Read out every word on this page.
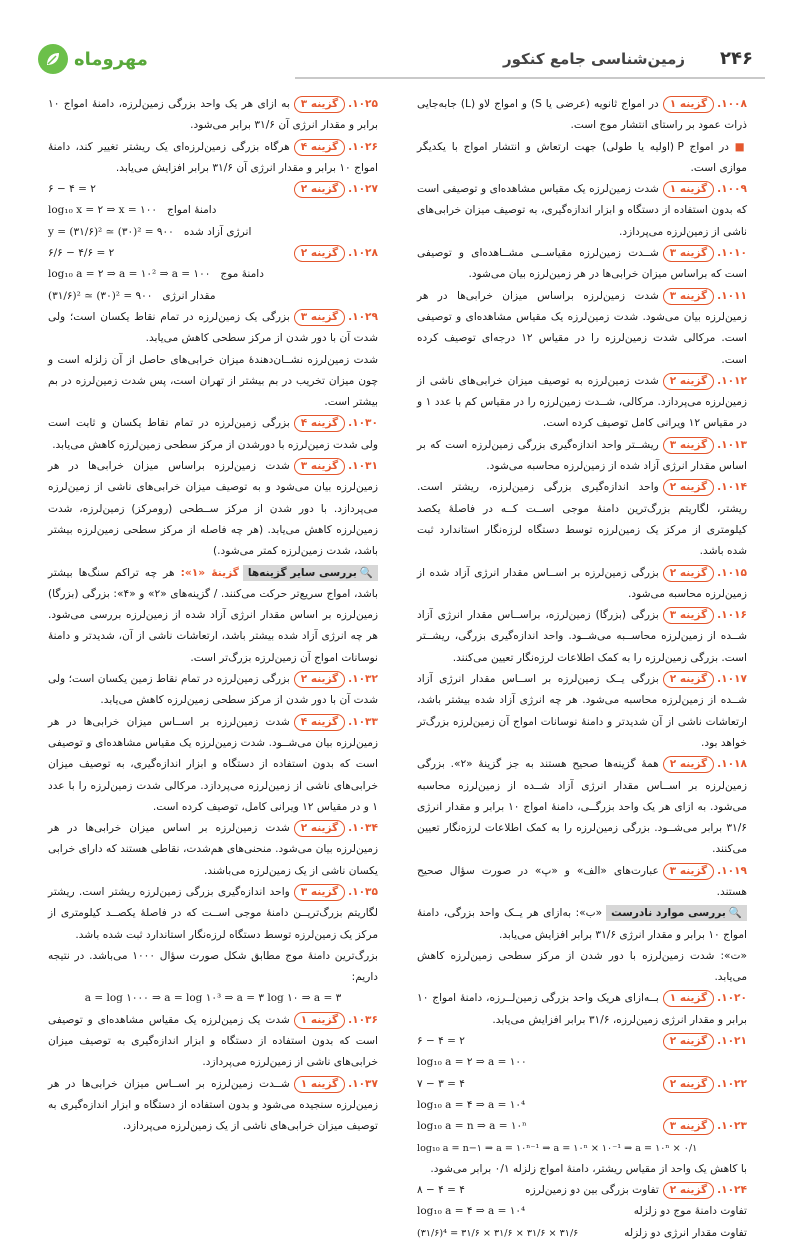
۲۴۶
زمین‌شناسی جامع کنکور
مهروماه

۱۰۰۸.گزینه ۱در امواج ثانویه (عرضی یا S) و امواج لاو (L) جابه‌جایی ذرات عمود بر راستای انتشار موج است.

■ در امواج P (اولیه یا طولی) جهت ارتعاش و انتشار امواج با یکدیگر موازی است.

۱۰۰۹.گزینه ۱شدت زمین‌لرزه یک مقیاس مشاهده‌ای و توصیفی است که بدون استفاده از دستگاه و ابزار اندازه‌گیری، به توصیف میزان خرابی‌های ناشی از زمین‌لرزه می‌پردازد.

۱۰۱۰.گزینه ۳شــدت زمین‌لرزه مقیاســی مشــاهده‌ای و توصیفی است که براساس میزان خرابی‌ها در هر زمین‌لرزه بیان می‌شود.

۱۰۱۱.گزینه ۳شدت زمین‌لرزه براساس میزان خرابی‌ها در هر زمین‌لرزه بیان می‌شود. شدت زمین‌لرزه یک مقیاس مشاهده‌ای و توصیفی است. مرکالی شدت زمین‌لرزه را در مقیاس ۱۲ درجه‌ای توصیف کرده است.

۱۰۱۲.گزینه ۲شدت زمین‌لرزه به توصیف میزان خرابی‌های ناشی از زمین‌لرزه می‌پردازد. مرکالی، شــدت زمین‌لرزه را در مقیاس کم با عدد ۱ و در مقیاس ۱۲ ویرانی کامل توصیف کرده است.

۱۰۱۳.گزینه ۳ریشــتر واحد اندازه‌گیری بزرگی زمین‌لرزه است که بر اساس مقدار انرژی آزاد شده از زمین‌لرزه محاسبه می‌شود.

۱۰۱۴.گزینه ۲واحد اندازه‌گیری بزرگی زمین‌لرزه، ریشتر است. ریشتر، لگاریتم بزرگ‌ترین دامنهٔ موجی اســت کــه در فاصلهٔ یکصد کیلومتری از مرکز یک زمین‌لرزه توسط دستگاه لرزه‌نگار استاندارد ثبت شده باشد.

۱۰۱۵.گزینه ۲بزرگی زمین‌لرزه بر اســاس مقدار انرژی آزاد شده از زمین‌لرزه محاسبه می‌شود.

۱۰۱۶.گزینه ۳بزرگی (بزرگا) زمین‌لرزه، براســاس مقدار انرژی آزاد شــده از زمین‌لرزه محاســبه می‌شــود. واحد اندازه‌گیری بزرگی، ریشــتر است. بزرگی زمین‌لرزه را به کمک اطلاعات لرزه‌نگار تعیین می‌کنند.

۱۰۱۷.گزینه ۲بزرگی یــک زمین‌لرزه بر اســاس مقدار انرژی آزاد شــده از زمین‌لرزه محاسبه می‌شود. هر چه انرژی آزاد شده بیشتر باشد، ارتعاشات ناشی از آن شدیدتر و دامنهٔ نوسانات امواج آن زمین‌لرزه بزرگ‌تر خواهد بود.

۱۰۱۸.گزینه ۲همهٔ گزینه‌ها صحیح هستند به جز گزینهٔ «۲». بزرگی زمین‌لرزه بر اســاس مقدار انرژی آزاد شــده از زمین‌لرزه محاسبه می‌شود. به ازای هر یک واحد بزرگــی، دامنهٔ امواج ۱۰ برابر و مقدار انرژی ۳۱/۶ برابر می‌شــود. بزرگی زمین‌لرزه را به کمک اطلاعات لرزه‌نگار تعیین می‌کنند.

۱۰۱۹.گزینه ۳عبارت‌های «الف» و «پ» در صورت سؤال صحیح هستند.

🔍بررسی موارد نادرست«ب»: به‌ازای هر یــک واحد بزرگی، دامنهٔ امواج ۱۰ برابر و مقدار انرژی ۳۱/۶ برابر افزایش می‌یابد.

«ت»: شدت زمین‌لرزه با دور شدن از مرکز سطحی زمین‌لرزه کاهش می‌یابد.

۱۰۲۰.گزینه ۱بــه‌ازای هریک واحد بزرگی زمین‌لــرزه، دامنهٔ امواج ۱۰ برابر و مقدار انرژی زمین‌لرزه، ۳۱/۶ برابر افزایش می‌یابد.

۱۰۲۱.گزینه ۲
۶ − ۴ = ۲

log₁₀ a = ۲ ⇒ a = ۱۰۰

۱۰۲۲.گزینه ۲
۷ − ۳ = ۴

log₁₀ a = ۴ ⇒ a = ۱۰⁴

۱۰۲۳.گزینه ۳
log₁₀ a = n ⇒ a = ۱۰ⁿ

log₁₀ a = n−۱ ⇒ a = ۱۰ⁿ⁻¹ ⇒ a = ۱۰ⁿ × ۱۰⁻¹ ⇒ a = ۱۰ⁿ × ۰/۱

با کاهش یک واحد از مقیاس ریشتر، دامنهٔ امواج زلزله ۰/۱ برابر می‌شود.

۱۰۲۴.گزینه ۲تفاوت بزرگی بین دو زمین‌لرزه
۸ − ۴ = ۴
تفاوت دامنهٔ موج دو زلزله
log₁₀ a = ۴ ⇒ a = ۱۰⁴
تفاوت مقدار انرژی دو زلزله
(۳۱/۶)⁴ = ۳۱/۶ × ۳۱/۶ × ۳۱/۶ × ۳۱/۶

۱۰۲۵.گزینه ۳به ازای هر یک واحد بزرگی زمین‌لرزه، دامنهٔ امواج ۱۰ برابر و مقدار انرژی آن ۳۱/۶ برابر می‌شود.

۱۰۲۶.گزینه ۴هرگاه بزرگی زمین‌لرزه‌ای یک ریشتر تغییر کند، دامنهٔ امواج ۱۰ برابر و مقدار انرژی آن ۳۱/۶ برابر افزایش می‌یابد.

۱۰۲۷.گزینه ۲
۶ − ۴ = ۲
دامنهٔ امواج
log₁₀ x = ۲ ⇒ x = ۱۰۰
انرژی آزاد شده
y = (۳۱/۶)² ≃ (۳۰)² = ۹۰۰
۱۰۲۸.گزینه ۲
۶/۶ − ۴/۶ = ۲
دامنهٔ موج
log₁₀ a = ۲ ⇒ a = ۱۰² ⇒ a = ۱۰۰
مقدار انرژی
(۳۱/۶)² ≃ (۳۰)² = ۹۰۰

۱۰۲۹.گزینه ۳بزرگی یک زمین‌لرزه در تمام نقاط یکسان است؛ ولی شدت آن با دور شدن از مرکز سطحی کاهش می‌یابد.

شدت زمین‌لرزه نشــان‌دهندهٔ میزان خرابی‌های حاصل از آن زلزله است و چون میزان تخریب در بم بیشتر از تهران است، پس شدت زمین‌لرزه در بم بیشتر است.

۱۰۳۰.گزینه ۴بزرگی زمین‌لرزه در تمام نقاط یکسان و ثابت است ولی شدت زمین‌لرزه با دورشدن از مرکز سطحی زمین‌لرزه کاهش می‌یابد.

۱۰۳۱.گزینه ۳شدت زمین‌لرزه براساس میزان خرابی‌ها در هر زمین‌لرزه بیان می‌شود و به توصیف میزان خرابی‌های ناشی از زمین‌لرزه می‌پردازد. با دور شدن از مرکز ســطحی (رومرکز) زمین‌لرزه، شدت زمین‌لرزه کاهش می‌یابد. (هر چه فاصله از مرکز سطحی زمین‌لرزه بیشتر باشد، شدت زمین‌لرزه کمتر می‌شود.)

🔍بررسی سایر گزینه‌هاگزینهٔ «۱»: هر چه تراکم سنگ‌ها بیشتر باشد، امواج سریع‌تر حرکت می‌کنند. / گزینه‌های «۲» و «۴»: بزرگی (بزرگا) زمین‌لرزه بر اساس مقدار انرژی آزاد شده از زمین‌لرزه بررسی می‌شود. هر چه انرژی آزاد شده بیشتر باشد، ارتعاشات ناشی از آن، شدیدتر و دامنهٔ نوسانات امواج آن زمین‌لرزه بزرگ‌تر است.

۱۰۳۲.گزینه ۲بزرگی زمین‌لرزه در تمام نقاط زمین یکسان است؛ ولی شدت آن با دور شدن از مرکز سطحی زمین‌لرزه کاهش می‌یابد.

۱۰۳۳.گزینه ۴شدت زمین‌لرزه بر اســاس میزان خرابی‌ها در هر زمین‌لرزه بیان می‌شــود. شدت زمین‌لرزه یک مقیاس مشاهده‌ای و توصیفی است که بدون استفاده از دستگاه و ابزار اندازه‌گیری، به توصیف میزان خرابی‌های ناشی از زمین‌لرزه می‌پردازد. مرکالی شدت زمین‌لرزه را با عدد ۱ و در مقیاس ۱۲ ویرانی کامل، توصیف کرده است.

۱۰۳۴.گزینه ۲شدت زمین‌لرزه بر اساس میزان خرابی‌ها در هر زمین‌لرزه بیان می‌شود. منحنی‌های هم‌شدت، نقاطی هستند که دارای خرابی یکسان ناشی از یک زمین‌لرزه می‌باشند.

۱۰۳۵.گزینه ۳واحد اندازه‌گیری بزرگی زمین‌لرزه ریشتر است. ریشتر لگاریتم بزرگ‌تریــن دامنهٔ موجی اســت که در فاصلهٔ یکصــد کیلومتری از مرکز یک زمین‌لرزه توسط دستگاه لرزه‌نگار استاندارد ثبت شده باشد.

بزرگ‌ترین دامنهٔ موج مطابق شکل صورت سؤال ۱۰۰۰ می‌باشد. در نتیجه داریم:

a = log ۱۰۰۰ ⇒ a = log ۱۰³ ⇒ a = ۳ log ۱۰ ⇒ a = ۳

۱۰۳۶.گزینه ۱شدت یک زمین‌لرزه یک مقیاس مشاهده‌ای و توصیفی است که بدون استفاده از دستگاه و ابزار اندازه‌گیری به توصیف میزان خرابی‌های ناشی از زمین‌لرزه می‌پردازد.

۱۰۳۷.گزینه ۱شــدت زمین‌لرزه بر اســاس میزان خرابی‌ها در هر زمین‌لرزه سنجیده می‌شود و بدون استفاده از دستگاه و ابزار اندازه‌گیری به توصیف میزان خرابی‌های ناشی از یک زمین‌لرزه می‌پردازد.
